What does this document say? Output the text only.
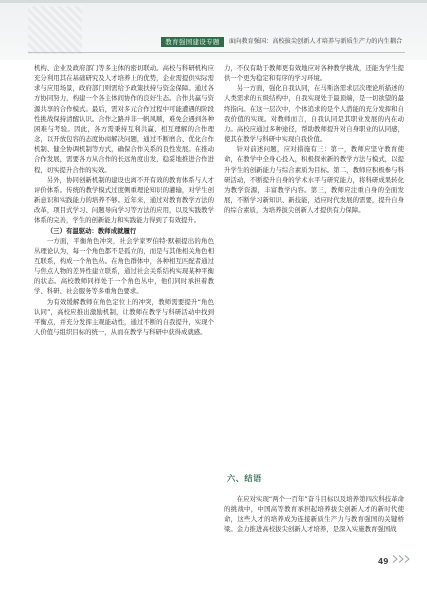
教育强国建设专题	面向教育强国：高校拔尖创新人才培养与新质生产力的内生耦合

机构、企业及政府部门等多主体的密切联动。高校与科研机构应充分利用其在基础研究及人才培养上的优势，企业需提供实际需求与应用场景，政府部门则需给予政策扶持与资金保障。通过各方协同努力，构建一个各主体间协作的良好生态。合作共赢与资源共享的合作模式。最后，需对多元合作过程中可能遭遇的阶段性挑战保持清醒认识。合作之路并非一帆风顺，难免会遇到各种困难与考验。因此，各方需秉持互利共赢、相互理解的合作理念，以开放包容的态度协商解决问题，通过不断磨合、优化合作机制、健全协调机制等方式，确保合作关系的良性发展。在推动合作发展，需要各方从合作的长远角度出发，稳妥地推进合作进程，切实提升合作的实效。

另外，协同创新机制的建设也离不开有效的教育体系与人才评价体系。传统的教学模式过度侧重理论知识的灌输，对学生创新意识和实践能力的培养不够。近年来，通过对教育教学方法的改革，项目式学习、问题导向学习等方法的应用，以及实践教学体系的完善，学生的创新能力和实践能力得到了有效提升。

（三）有温驱动：教师成就履行

一方面，平衡角色冲突，社会学家罗伯特·默顿提出的角色丛理论认为，每一个角色都不是孤立的，而是与其他相关角色相互联系，构成一个角色丛。在角色群体中，各种相互匹配者通过与焦点人物的差异性建立联系，通过社会关系结构实现某种平衡的状态。高校教师同样处于一个角色丛中，他们同时承担着教学、科研、社会服务等多重角色要求。

为有效缓解教师在角色定位上的冲突，教师需要提升“角色认同”，高校应推出激励机制，让教师在教学与科研活动中找到平衡点，并充分发挥主观能动性，通过不断的自我提升，实现个人价值与组织目标的统一，从而在教学与科研中获得成就感。

力，不仅有助于教师更有效地应对各种教学挑战，还能为学生提供一个更为稳定和有序的学习环境。

另一方面，强化自我认同，在马斯洛需求层次理论所描述的人类需求的五级结构中，自我实现处于最顶端，是一切欲望的最终指向。在这一层次中，个体追求的是个人潜能的充分发挥和自我价值的实现。对教师而言，自我认同是其职业发展的内在动力。高校应通过多种途径，帮助教师提升对自身职业的认同感，使其在教学与科研中实现自我价值。

针对前述问题，应对措施有三：第一，教师应坚守教育使命，在教学中全身心投入，积极探索新的教学方法与模式，以提升学生的创新能力与综合素质为目标。第二，教师应积极参与科研活动，不断提升自身的学术水平与研究能力，将科研成果转化为教学资源，丰富教学内容。第三，教师应注重自身的全面发展，不断学习新知识、新技能，适应时代发展的需要，提升自身的综合素质，为培养拔尖创新人才提供有力保障。

六、结语

在应对实现“两个一百年”奋斗目标以及培养第四次科技革命的挑战中，中国高等教育承担起培养拔尖创新人才的新时代使命，这些人才的培养成为连接新质生产力与教育强国的关键桥梁。金力推进高校拔尖创新人才培养，是深入实施教育强国战

49
